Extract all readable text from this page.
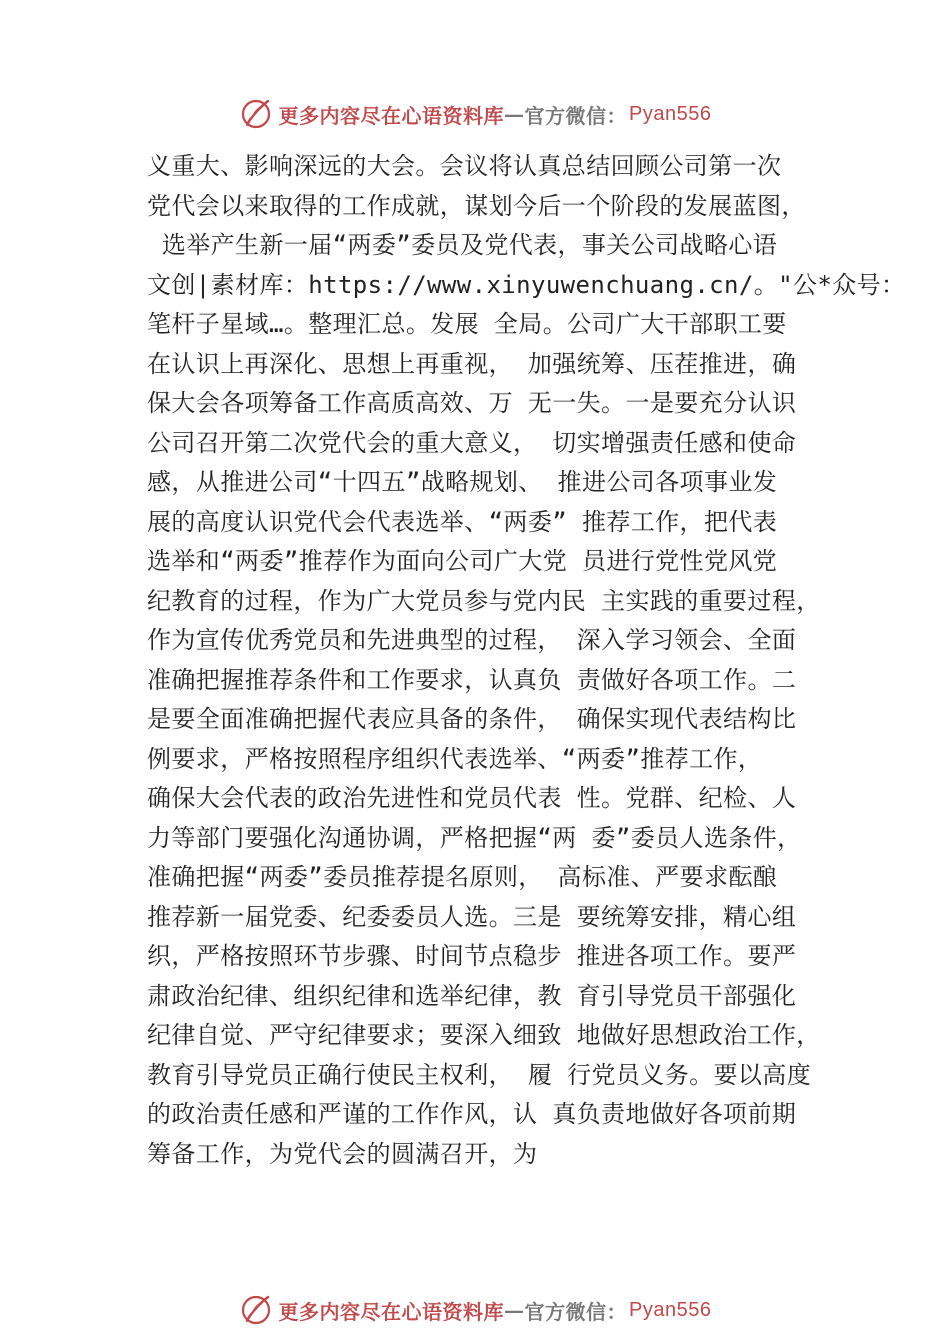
更多内容尽在心语资料库 — 官方微信： Pyan556
义重大、影响深远的大会。会议将认真总结回顾公司第一次
党代会以来取得的工作成就，谋划今后一个阶段的发展蓝图，
选举产生新一届“两委”委员及党代表，事关公司战略心语
文创|素材库：https://www.xinyuwenchuang.cn/。"公*众号：
笔杆子星域…。整理汇总。发展 全局。公司广大干部职工要
在认识上再深化、思想上再重视， 加强统筹、压茬推进，确
保大会各项筹备工作高质高效、万 无一失。一是要充分认识
公司召开第二次党代会的重大意义， 切实增强责任感和使命
感，从推进公司“十四五”战略规划、 推进公司各项事业发
展的高度认识党代会代表选举、“两委” 推荐工作，把代表
选举和“两委”推荐作为面向公司广大党 员进行党性党风党
纪教育的过程，作为广大党员参与党内民 主实践的重要过程，
作为宣传优秀党员和先进典型的过程， 深入学习领会、全面
准确把握推荐条件和工作要求，认真负 责做好各项工作。二
是要全面准确把握代表应具备的条件， 确保实现代表结构比
例要求，严格按照程序组织代表选举、“两委”推荐工作，
确保大会代表的政治先进性和党员代表 性。党群、纪检、人
力等部门要强化沟通协调，严格把握“两 委”委员人选条件，
准确把握“两委”委员推荐提名原则， 高标准、严要求酝酿
推荐新一届党委、纪委委员人选。三是 要统筹安排，精心组
织，严格按照环节步骤、时间节点稳步 推进各项工作。要严
肃政治纪律、组织纪律和选举纪律，教 育引导党员干部强化
纪律自觉、严守纪律要求；要深入细致 地做好思想政治工作，
教育引导党员正确行使民主权利， 履 行党员义务。要以高度
的政治责任感和严谨的工作作风，认 真负责地做好各项前期
筹备工作，为党代会的圆满召开，为
更多内容尽在心语资料库 — 官方微信： Pyan556
